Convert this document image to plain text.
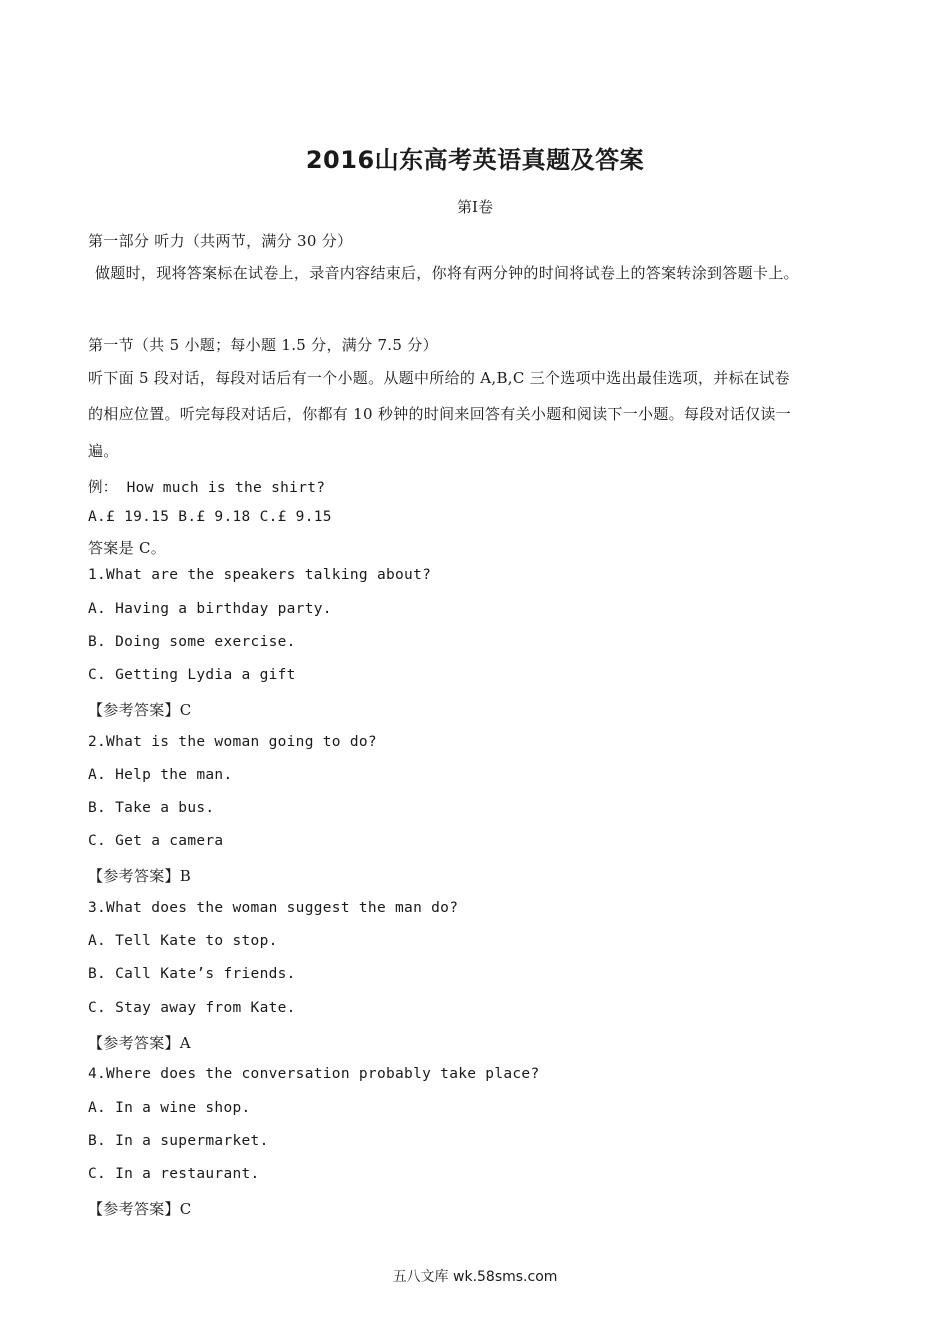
2016山东高考英语真题及答案
第I卷
第一部分 听力（共两节，满分 30 分）
做题时，现将答案标在试卷上，录音内容结束后，你将有两分钟的时间将试卷上的答案转涂到答题卡上。
第一节（共 5 小题；每小题 1.5 分，满分 7.5 分）
听下面 5 段对话，每段对话后有一个小题。从题中所给的 A,B,C 三个选项中选出最佳选项，并标在试卷
的相应位置。听完每段对话后，你都有 10 秒钟的时间来回答有关小题和阅读下一小题。每段对话仅读一
遍。
例： How much is the shirt?
A.£ 19.15 B.£ 9.18 C.£ 9.15
答案是 C。
1.What are the speakers talking about?
A. Having a birthday party.
B. Doing some exercise.
C. Getting Lydia a gift
【参考答案】C
2.What is the woman going to do?
A. Help the man.
B. Take a bus.
C. Get a camera
【参考答案】B
3.What does the woman suggest the man do?
A. Tell Kate to stop.
B. Call Kate’s friends.
C. Stay away from Kate.
【参考答案】A
4.Where does the conversation probably take place?
A. In a wine shop.
B. In a supermarket.
C. In a restaurant.
【参考答案】C
五八文库 wk.58sms.com
